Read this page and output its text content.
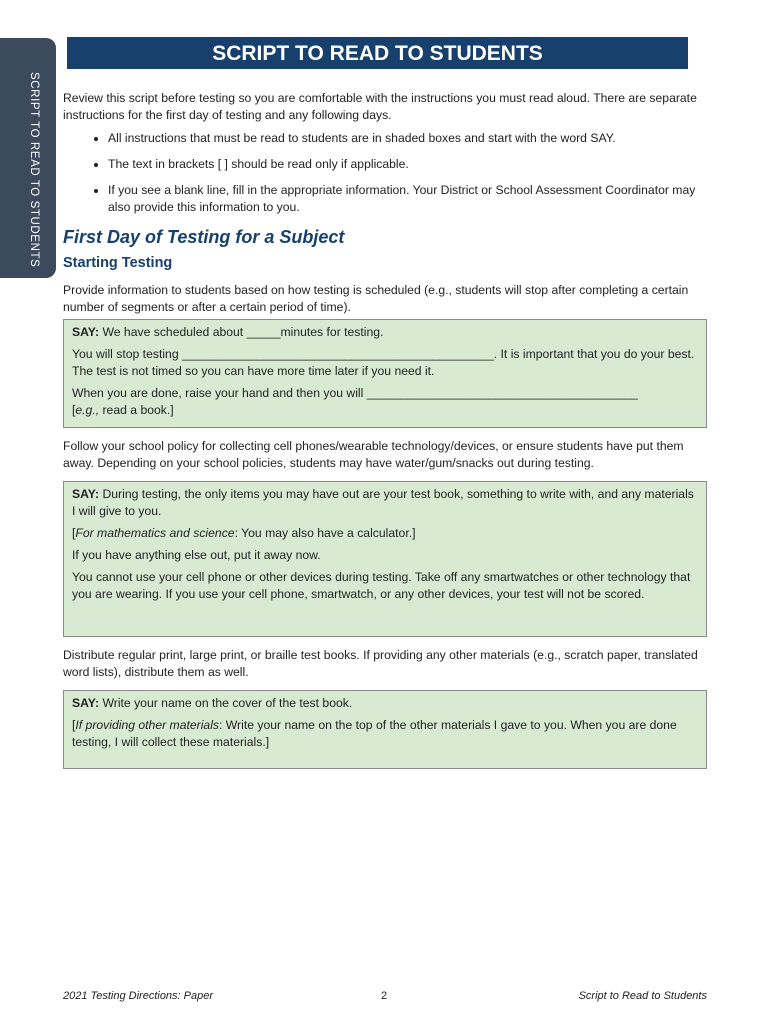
SCRIPT TO READ TO STUDENTS
SCRIPT TO READ TO STUDENTS

Review this script before testing so you are comfortable with the instructions you must read aloud. There are separate instructions for the first day of testing and any following days.

• All instructions that must be read to students are in shaded boxes and start with the word SAY.
• The text in brackets [ ] should be read only if applicable.
• If you see a blank line, fill in the appropriate information. Your District or School Assessment Coordinator may also provide this information to you.
First Day of Testing for a Subject
Starting Testing

Provide information to students based on how testing is scheduled (e.g., students will stop after completing a certain number of segments or after a certain period of time).

SAY: We have scheduled about _____minutes for testing.

You will stop testing ______________________________________________. It is important that you do your best. The test is not timed so you can have more time later if you need it.

When you are done, raise your hand and then you will ________________________________________
[e.g., read a book.]

Follow your school policy for collecting cell phones/wearable technology/devices, or ensure students have put them away. Depending on your school policies, students may have water/gum/snacks out during testing.

SAY: During testing, the only items you may have out are your test book, something to write with, and any materials I will give to you.

[For mathematics and science: You may also have a calculator.]

If you have anything else out, put it away now.

You cannot use your cell phone or other devices during testing. Take off any smartwatches or other technology that you are wearing. If you use your cell phone, smartwatch, or any other devices, your test will not be scored.

Distribute regular print, large print, or braille test books. If providing any other materials (e.g., scratch paper, translated word lists), distribute them as well.

SAY: Write your name on the cover of the test book.

[If providing other materials: Write your name on the top of the other materials I gave to you. When you are done testing, I will collect these materials.]

2021 Testing Directions: Paper	2	Script to Read to Students
